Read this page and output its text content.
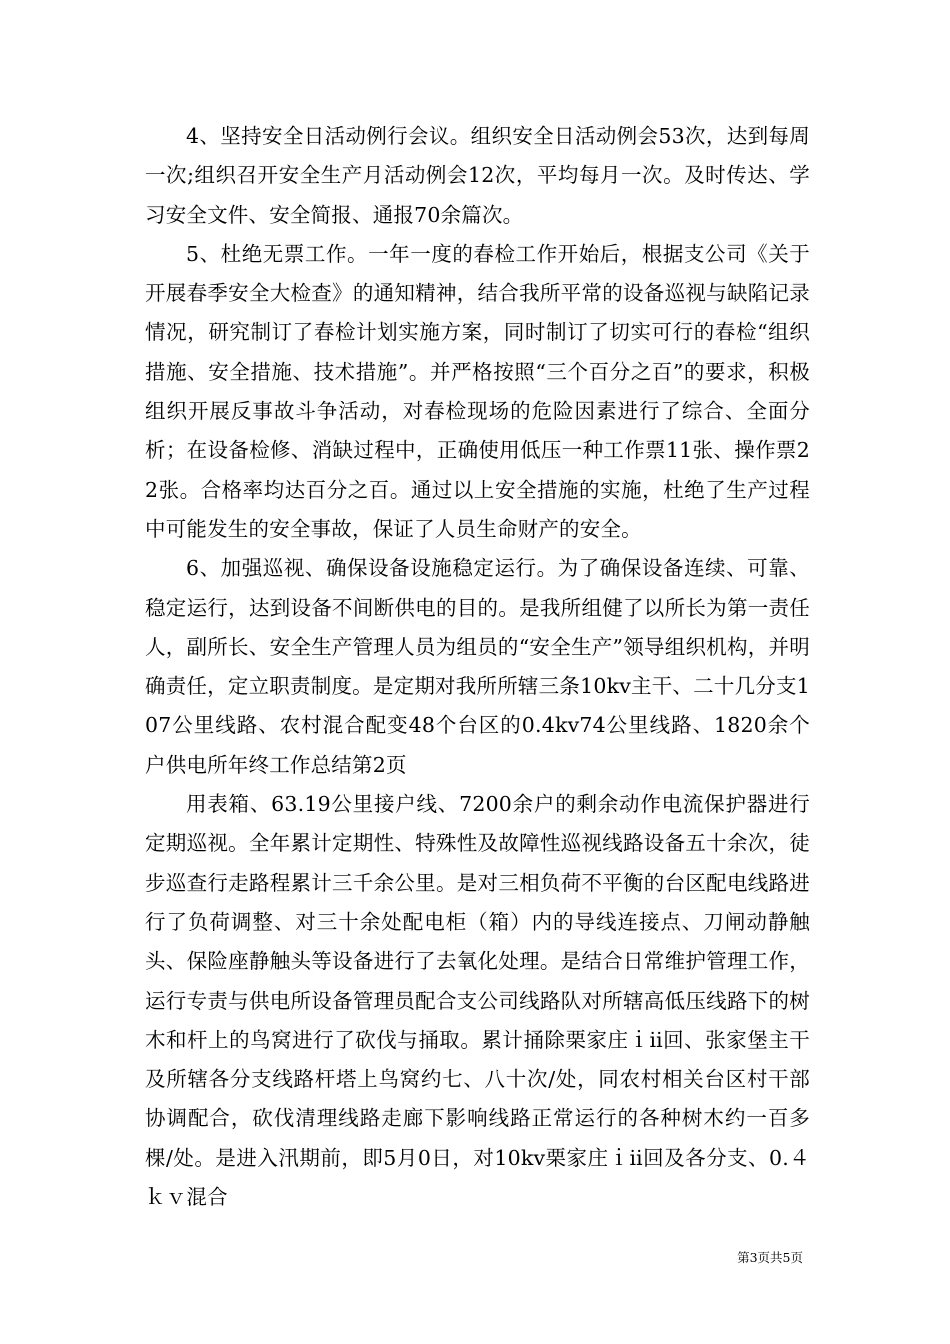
4、坚持安全日活动例行会议。组织安全日活动例会53次，达到每周一次;组织召开安全生产月活动例会12次，平均每月一次。及时传达、学习安全文件、安全简报、通报70余篇次。

5、杜绝无票工作。一年一度的春检工作开始后，根据支公司《关于开展春季安全大检查》的通知精神，结合我所平常的设备巡视与缺陷记录情况，研究制订了春检计划实施方案，同时制订了切实可行的春检“组织措施、安全措施、技术措施”。并严格按照“三个百分之百”的要求，积极组织开展反事故斗争活动，对春检现场的危险因素进行了综合、全面分析；在设备检修、消缺过程中，正确使用低压一种工作票11张、操作票22张。合格率均达百分之百。通过以上安全措施的实施，杜绝了生产过程中可能发生的安全事故，保证了人员生命财产的安全。

6、加强巡视、确保设备设施稳定运行。为了确保设备连续、可靠、稳定运行，达到设备不间断供电的目的。是我所组健了以所长为第一责任人，副所长、安全生产管理人员为组员的“安全生产”领导组织机构，并明确责任，定立职责制度。是定期对我所所辖三条10kv主干、二十几分支107公里线路、农村混合配变48个台区的0.4kv74公里线路、1820余个户供电所年终工作总结第2页

用表箱、63.19公里接户线、7200余户的剩余动作电流保护器进行定期巡视。全年累计定期性、特殊性及故障性巡视线路设备五十余次，徒步巡查行走路程累计三千余公里。是对三相负荷不平衡的台区配电线路进行了负荷调整、对三十余处配电柜（箱）内的导线连接点、刀闸动静触头、保险座静触头等设备进行了去氧化处理。是结合日常维护管理工作，运行专责与供电所设备管理员配合支公司线路队对所辖高低压线路下的树木和杆上的鸟窝进行了砍伐与捅取。累计捅除栗家庄ｉⅱ回、张家堡主干及所辖各分支线路杆塔上鸟窝约七、八十次/处，同农村相关台区村干部协调配合，砍伐清理线路走廊下影响线路正常运行的各种树木约一百多棵/处。是进入汛期前，即5月0日，对10kv栗家庄ｉⅱ回及各分支、0.４ｋｖ混合

第3页共5页
